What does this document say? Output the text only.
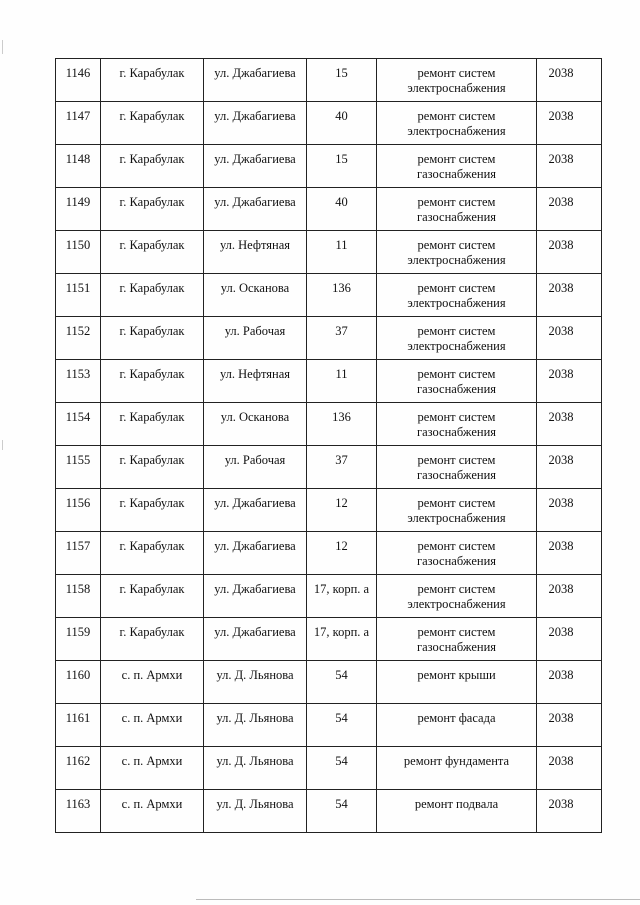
1146	г. Карабулак	ул. Джабагиева	15	ремонт систем электроснабжения	2038

1147	г. Карабулак	ул. Джабагиева	40	ремонт систем электроснабжения	2038

1148	г. Карабулак	ул. Джабагиева	15	ремонт систем газоснабжения	2038

1149	г. Карабулак	ул. Джабагиева	40	ремонт систем газоснабжения	2038

1150	г. Карабулак	ул. Нефтяная	11	ремонт систем электроснабжения	2038

1151	г. Карабулак	ул. Осканова	136	ремонт систем электроснабжения	2038

1152	г. Карабулак	ул. Рабочая	37	ремонт систем электроснабжения	2038

1153	г. Карабулак	ул. Нефтяная	11	ремонт систем газоснабжения	2038

1154	г. Карабулак	ул. Осканова	136	ремонт систем газоснабжения	2038

1155	г. Карабулак	ул. Рабочая	37	ремонт систем газоснабжения	2038

1156	г. Карабулак	ул. Джабагиева	12	ремонт систем электроснабжения	2038

1157	г. Карабулак	ул. Джабагиева	12	ремонт систем газоснабжения	2038

1158	г. Карабулак	ул. Джабагиева	17, корп. а	ремонт систем электроснабжения	2038

1159	г. Карабулак	ул. Джабагиева	17, корп. а	ремонт систем газоснабжения	2038

1160	с. п. Армхи	ул. Д. Льянова	54	ремонт крыши	2038

1161	с. п. Армхи	ул. Д. Льянова	54	ремонт фасада	2038

1162	с. п. Армхи	ул. Д. Льянова	54	ремонт фундамента	2038

1163	с. п. Армхи	ул. Д. Льянова	54	ремонт подвала	2038
